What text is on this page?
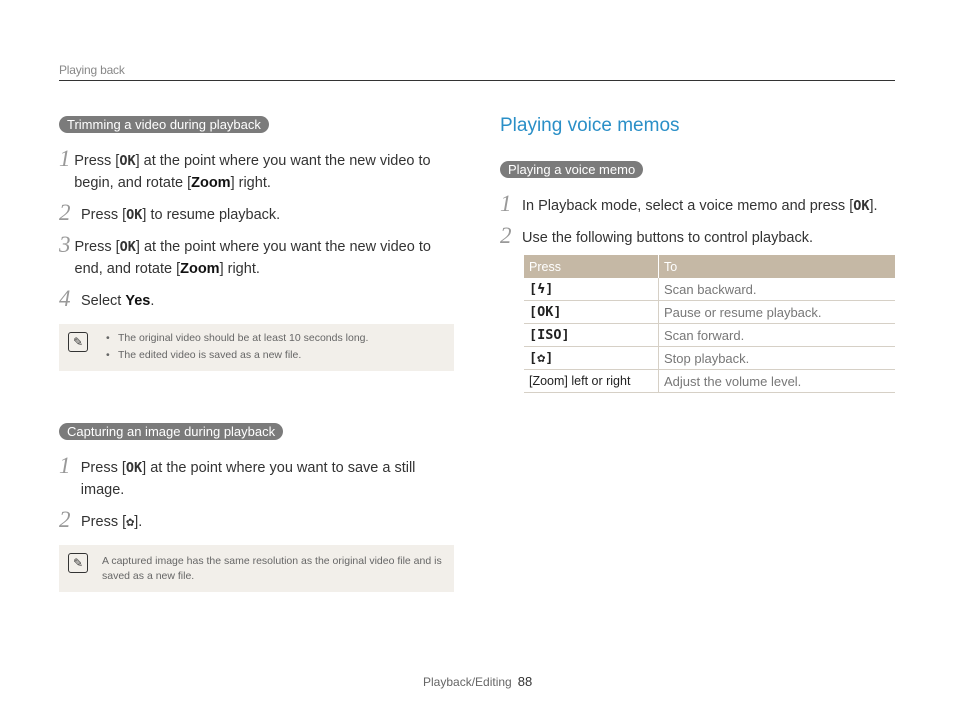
Playing back
Trimming a video during playback
1 Press [OK] at the point where you want the new video to begin, and rotate [Zoom] right.
2 Press [OK] to resume playback.
3 Press [OK] at the point where you want the new video to end, and rotate [Zoom] right.
4 Select Yes.
✎	• The original video should be at least 10 seconds long.
• The edited video is saved as a new file.
Capturing an image during playback
1 Press [OK] at the point where you want to save a still image.
2 Press [✿].
✎	A captured image has the same resolution as the original video file and is saved as a new file.
Playing voice memos
Playing a voice memo
1 In Playback mode, select a voice memo and press [OK].
2 Use the following buttons to control playback.
Press	To
[ϟ]	Scan backward.
[OK]	Pause or resume playback.
[ISO]	Scan forward.
[✿]	Stop playback.
[Zoom] left or right	Adjust the volume level.
Playback/Editing 88
